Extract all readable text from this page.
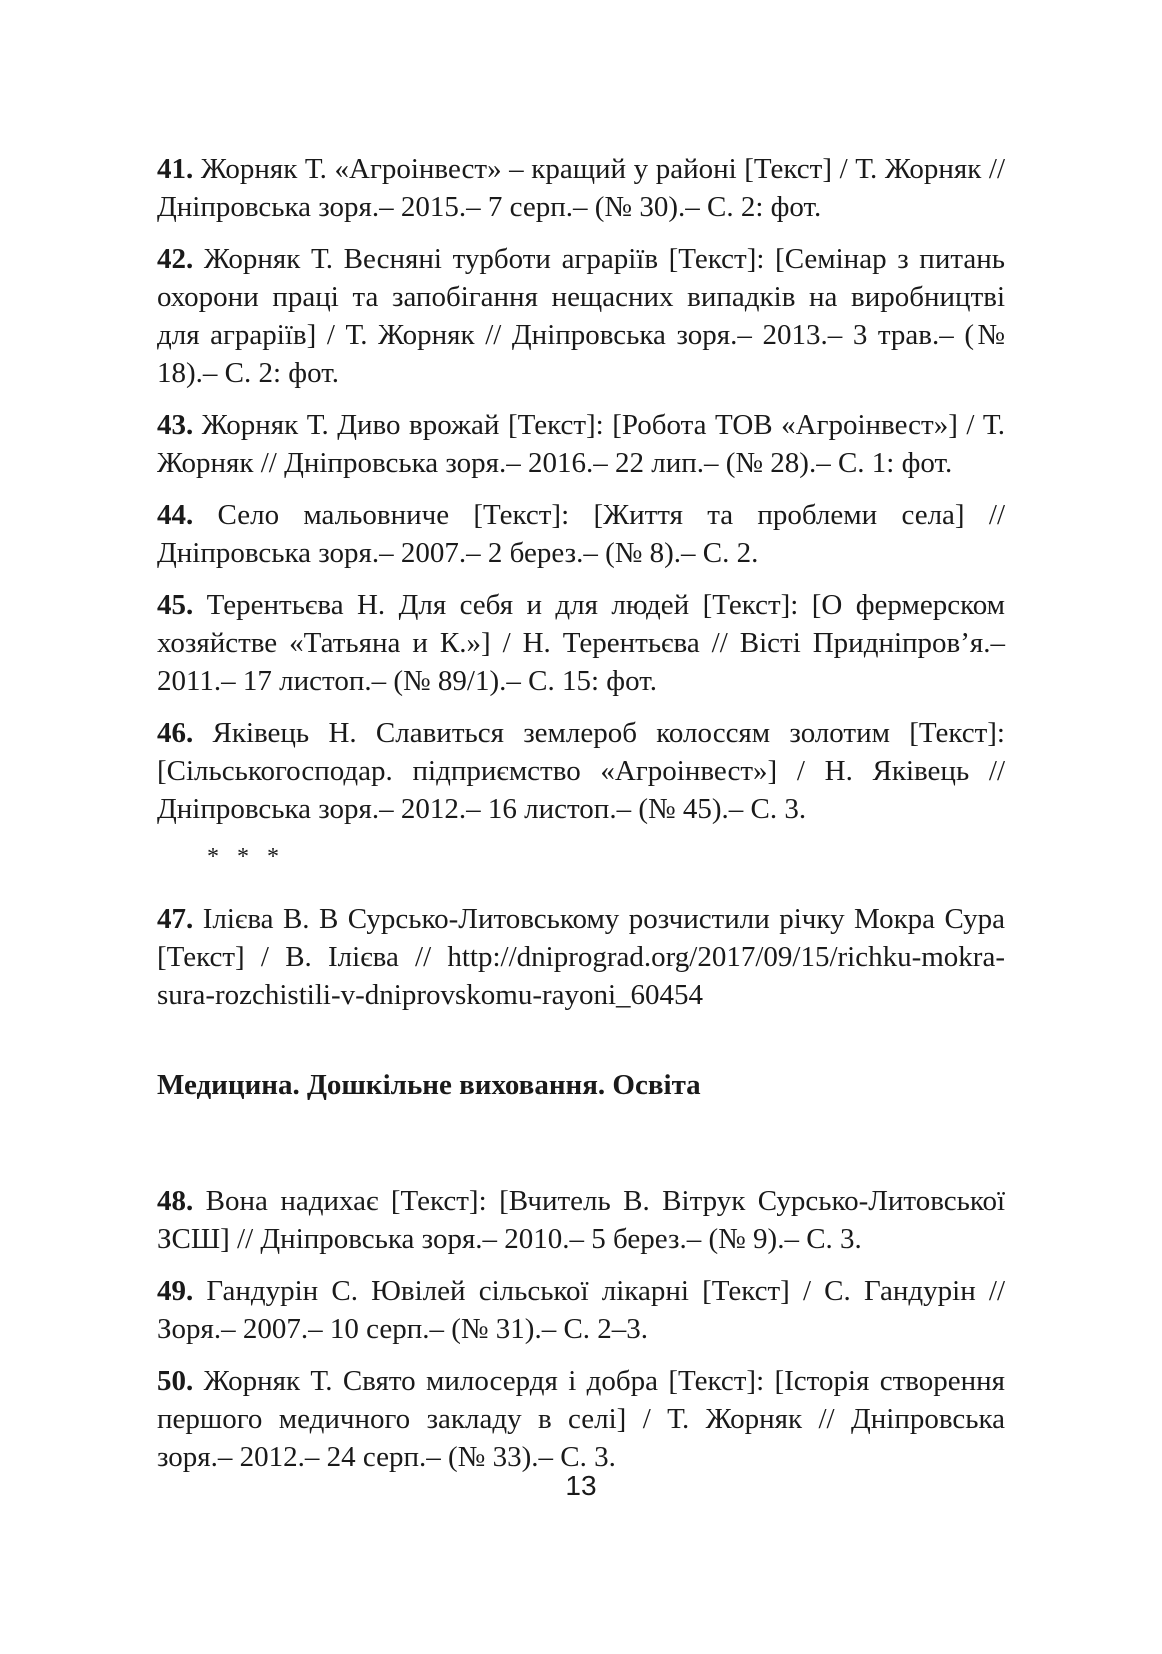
41. Жорняк Т. «Агроінвест» – кращий у районі [Текст] / Т. Жорняк // Дніпровська зоря.– 2015.– 7 серп.– (№ 30).– С. 2: фот.

42. Жорняк Т. Весняні турботи аграріїв [Текст]: [Семінар з питань охорони праці та запобігання нещасних випадків на виробництві для аграріїв] / Т. Жорняк // Дніпровська зоря.– 2013.– 3 трав.– (№ 18).– С. 2: фот.

43. Жорняк Т. Диво врожай [Текст]: [Робота ТОВ «Агроінвест»] / Т. Жорняк // Дніпровська зоря.– 2016.– 22 лип.– (№ 28).– С. 1: фот.

44. Село мальовниче [Текст]: [Життя та проблеми села] // Дніпровська зоря.– 2007.– 2 берез.– (№ 8).– С. 2.

45. Терентьєва Н. Для себя и для людей [Текст]: [О фермерском хозяйстве «Татьяна и К.»] / Н. Терентьєва // Вісті Придніпров’я.– 2011.– 17 листоп.– (№ 89/1).– С. 15: фот.

46. Яківець Н. Славиться землероб колоссям золотим [Текст]: [Сільськогосподар. підприємство «Агроінвест»] / Н. Яківець // Дніпровська зоря.– 2012.– 16 листоп.– (№ 45).– С. 3.

* * *

47. Ілієва В. В Сурсько-Литовському розчистили річку Мокра Сура [Текст] / В. Ілієва // http://dniprograd.org/2017/09/15/richku-mokra-sura-rozchistili-v-dniprovskomu-rayoni_60454

Медицина. Дошкільне виховання. Освіта

48. Вона надихає [Текст]: [Вчитель В. Вітрук Сурсько-Литовської ЗСШ] // Дніпровська зоря.– 2010.– 5 берез.– (№ 9).– С. 3.

49. Гандурін С. Ювілей сільської лікарні [Текст] / С. Гандурін // Зоря.– 2007.– 10 серп.– (№ 31).– С. 2–3.

50. Жорняк Т. Свято милосердя і добра [Текст]: [Історія створення першого медичного закладу в селі] / Т. Жорняк // Дніпровська зоря.– 2012.– 24 серп.– (№ 33).– С. 3.

13
